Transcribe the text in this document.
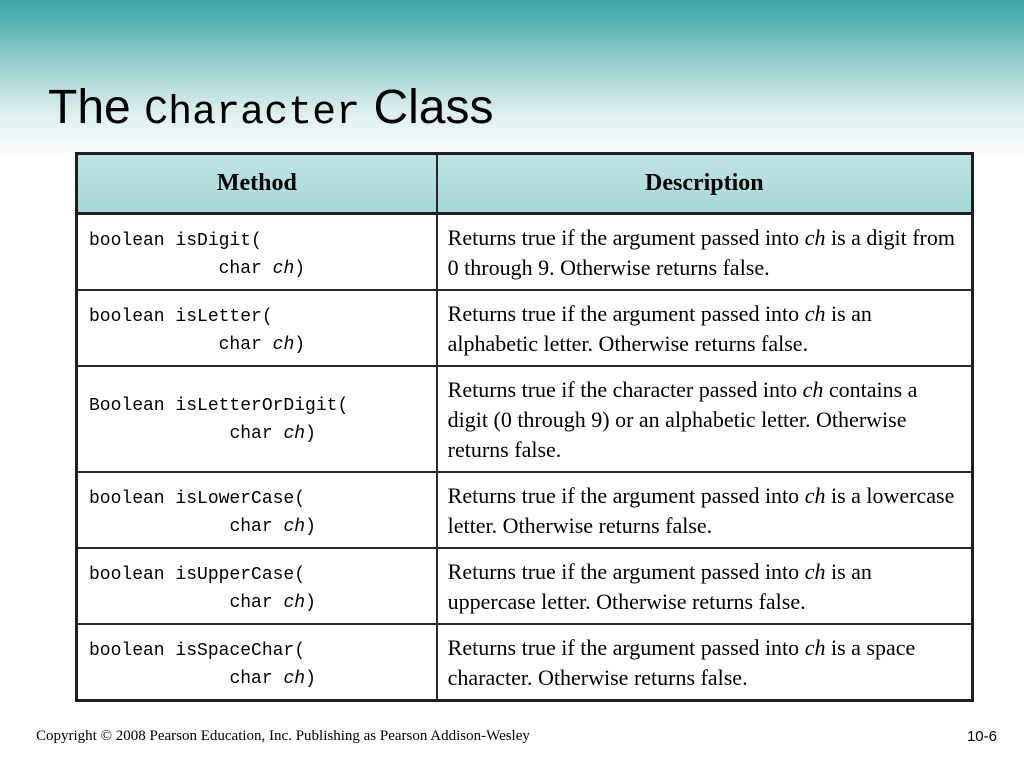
The Character Class
Method	Description

boolean isDigit(
char ch)	Returns true if the argument passed into ch is a digit from 0 through 9. Otherwise returns false.

boolean isLetter(
char ch)	Returns true if the argument passed into ch is an alphabetic letter. Otherwise returns false.

Boolean isLetterOrDigit(
char ch)	Returns true if the character passed into ch contains a digit (0 through 9) or an alphabetic letter. Otherwise returns false.

boolean isLowerCase(
char ch)	Returns true if the argument passed into ch is a lowercase letter. Otherwise returns false.

boolean isUpperCase(
char ch)	Returns true if the argument passed into ch is an uppercase letter. Otherwise returns false.

boolean isSpaceChar(
char ch)	Returns true if the argument passed into ch is a space character. Otherwise returns false.
Copyright © 2008 Pearson Education, Inc. Publishing as Pearson Addison-Wesley	10-6
